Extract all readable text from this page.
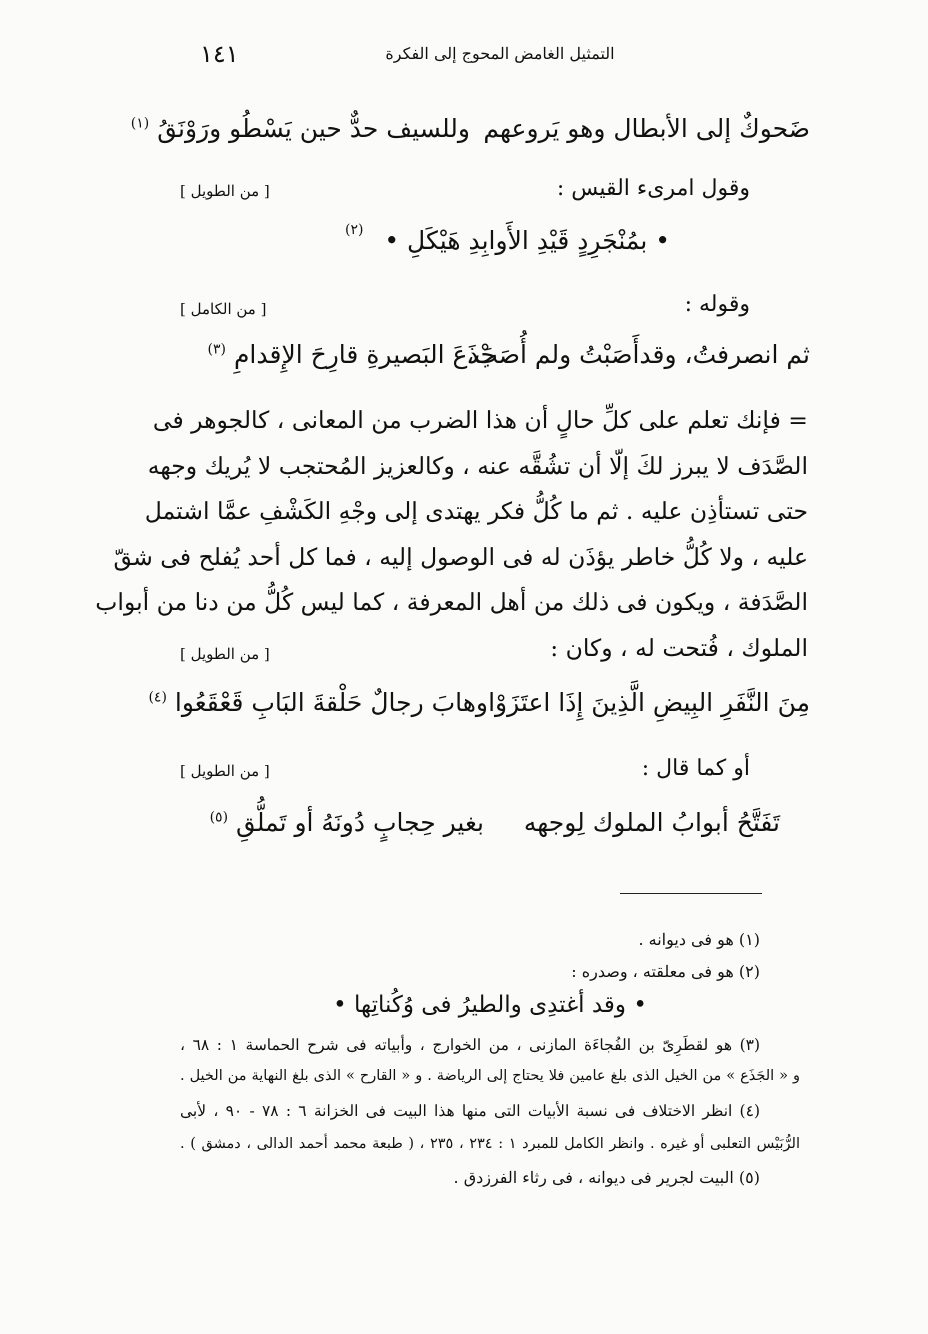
١٤١	التمثيل الغامض المحوج إلى الفكرة
ضَحوكٌ إلى الأبطال وهو يَروعهم
وللسيف حدٌّ حين يَسْطُو ورَوْنَقُ $^{(١)}$
وقول امرىء القيس :
[ من الطويل ]
• بمُنْجَرِدٍ قَيْدِ الأَوابِدِ هَيْكَلِ •
(٢)
وقوله :
[ من الكامل ]
ثم انصرفتُ، وقدأَصَبْتُ ولم أُصَبْ،
جَذَعَ البَصيرةِ قارِحَ الإِقدامِ $^{(٣)}$
= فإنك تعلم على كلِّ حالٍ أن هذا الضرب من المعانى ، كالجوهر فى
الصَّدَف لا يبرز لكَ إلّا أن تشُقَّه عنه ، وكالعزيز المُحتجب لا يُريك وجهه
حتى تستأذِن عليه . ثم ما كُلُّ فكر يهتدى إلى وجْهِ الكَشْفِ عمَّا اشتمل
عليه ، ولا كُلُّ خاطر يؤذَن له فى الوصول إليه ، فما كل أحد يُفلح فى شقّ
الصَّدَفة ، ويكون فى ذلك من أهل المعرفة ، كما ليس كُلُّ من دنا من أبواب
الملوك ، فُتحت له ، وكان :
[ من الطويل ]
مِنَ النَّفَرِ البِيضِ الَّذِينَ إِذَا اعتَزَوْا
وهابَ رجالٌ حَلْقةَ البَابِ قَعْقَعُوا $^{(٤)}$
أو كما قال :
[ من الطويل ]
تَفَتَّحُ أبوابُ الملوك لِوجهه
بغير حِجابٍ دُونَهُ أو تَملُّقِ $^{(٥)}$
(١) هو فى ديوانه .
(٢) هو فى معلقته ، وصدره :
• وقد أغتدِى والطيرُ فى وُكُناتِها •
(٣) هو لقطَرِىّ بن الفُجاءَة المازنى ، من الخوارج ، وأبياته فى شرح الحماسة ١ : ٦٨ ،
و « الجَذَع » من الخيل الذى بلغ عامين فلا يحتاج إلى الرياضة . و « القارح » الذى بلغ النهاية من الخيل .
(٤) انظر الاختلاف فى نسبة الأبيات التى منها هذا البيت فى الخزانة ٦ : ٧٨ - ٩٠ ، لأبى
الرُّبَيْس التعلبى أو غيره . وانظر الكامل للمبرد ١ : ٢٣٤ ، ٢٣٥ ، ( طبعة محمد أحمد الدالى ، دمشق ) .
(٥) البيت لجرير فى ديوانه ، فى رثاء الفرزدق .
